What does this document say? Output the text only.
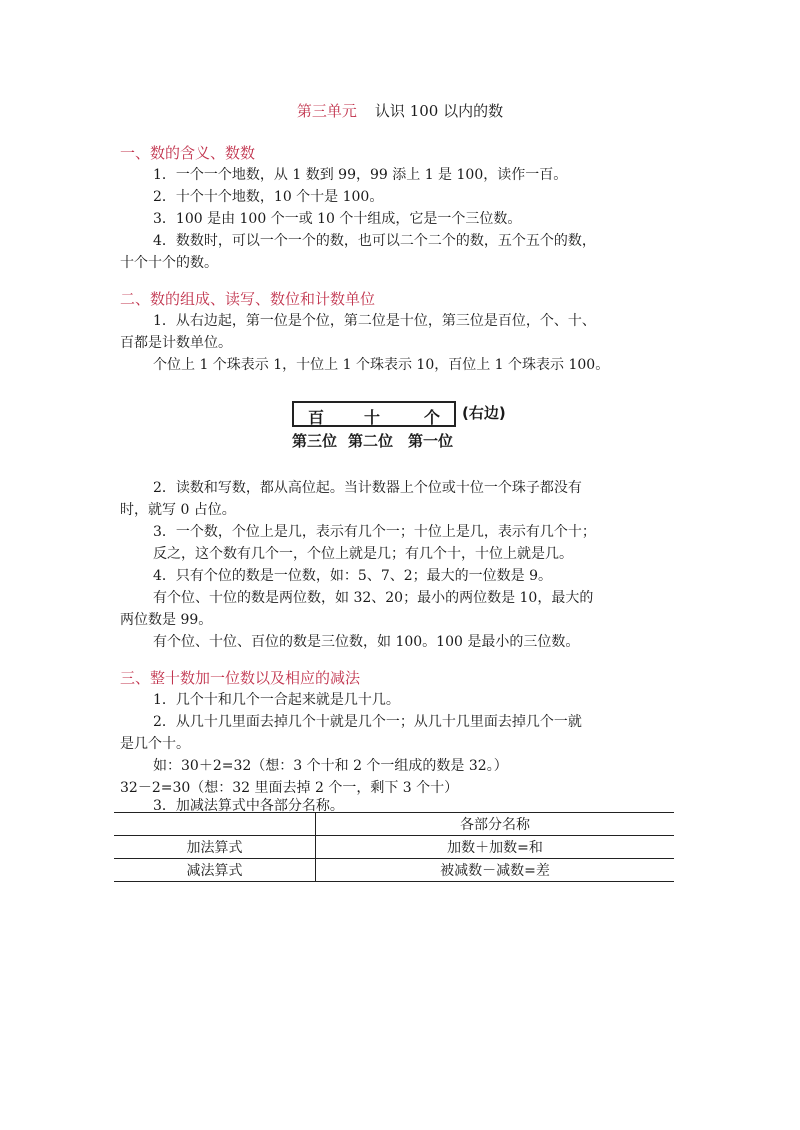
第三单元 认识 100 以内的数
一、数的含义、数数
1．一个一个地数，从 1 数到 99，99 添上 1 是 100，读作一百。
2．十个十个地数，10 个十是 100。
3．100 是由 100 个一或 10 个十组成，它是一个三位数。
4．数数时，可以一个一个的数，也可以二个二个的数，五个五个的数，
十个十个的数。
二、数的组成、读写、数位和计数单位
1．从右边起，第一位是个位，第二位是十位，第三位是百位，个、十、
百都是计数单位。
个位上 1 个珠表示 1，十位上 1 个珠表示 10，百位上 1 个珠表示 100。
百 十	个 (右边)
第三位 第二位 第一位
2．读数和写数，都从高位起。当计数器上个位或十位一个珠子都没有
时，就写 0 占位。
3．一个数，个位上是几，表示有几个一；十位上是几，表示有几个十；
反之，这个数有几个一，个位上就是几；有几个十，十位上就是几。
4．只有个位的数是一位数，如：5、7、2；最大的一位数是 9。
有个位、十位的数是两位数，如 32、20；最小的两位数是 10，最大的
两位数是 99。
有个位、十位、百位的数是三位数，如 100。100 是最小的三位数。
三、整十数加一位数以及相应的减法
1．几个十和几个一合起来就是几十几。
2．从几十几里面去掉几个十就是几个一；从几十几里面去掉几个一就
是几个十。
如：30＋2=32（想：3 个十和 2 个一组成的数是 32。）
32－2=30（想：32 里面去掉 2 个一，剩下 3 个十）
3．加减法算式中各部分名称。
	各部分名称
加法算式	加数＋加数=和
减法算式	被减数－减数=差
